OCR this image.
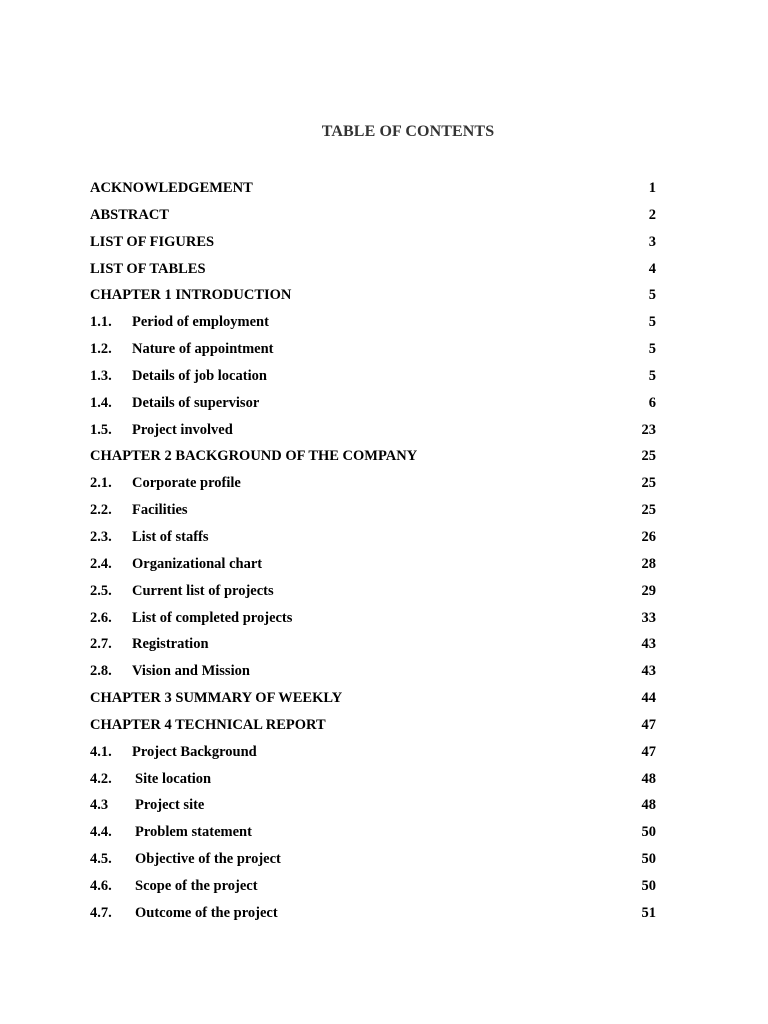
TABLE OF CONTENTS
ACKNOWLEDGEMENT	1
ABSTRACT	2
LIST OF FIGURES	3
LIST OF TABLES	4
CHAPTER 1 INTRODUCTION	5
1.1. Period of employment	5
1.2. Nature of appointment	5
1.3. Details of job location	5
1.4. Details of supervisor	6
1.5. Project involved	23
CHAPTER 2 BACKGROUND OF THE COMPANY	25
2.1. Corporate profile	25
2.2. Facilities	25
2.3. List of staffs	26
2.4. Organizational chart	28
2.5. Current list of projects	29
2.6. List of completed projects	33
2.7. Registration	43
2.8. Vision and Mission	43
CHAPTER 3 SUMMARY OF WEEKLY	44
CHAPTER 4 TECHNICAL REPORT	47
4.1. Project Background	47
4.2. Site location	48
4.3 Project site	48
4.4. Problem statement	50
4.5. Objective of the project	50
4.6. Scope of the project	50
4.7. Outcome of the project	51
